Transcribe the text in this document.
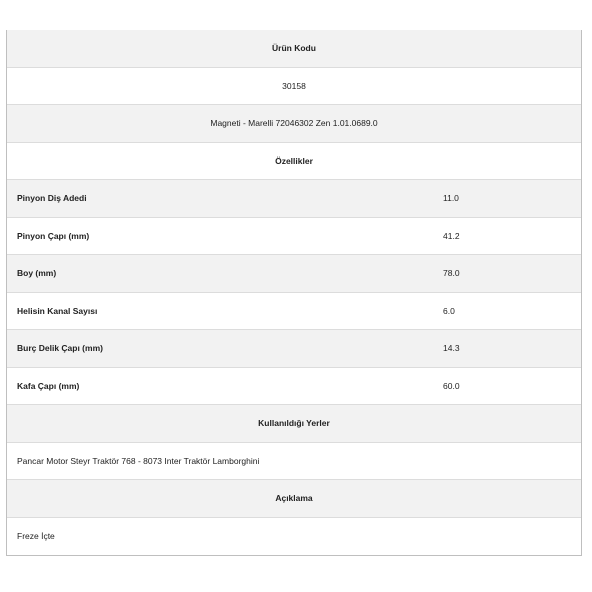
Ürün Kodu
30158
Magneti - Marelli 72046302 Zen 1.01.0689.0
Özellikler
Pinyon Diş Adedi	11.0
Pinyon Çapı (mm)	41.2
Boy (mm)	78.0
Helisin Kanal Sayısı	6.0
Burç Delik Çapı (mm)	14.3
Kafa Çapı (mm)	60.0
Kullanıldığı Yerler
Pancar Motor Steyr Traktör 768 - 8073 Inter Traktör Lamborghini
Açıklama
Freze İçte
